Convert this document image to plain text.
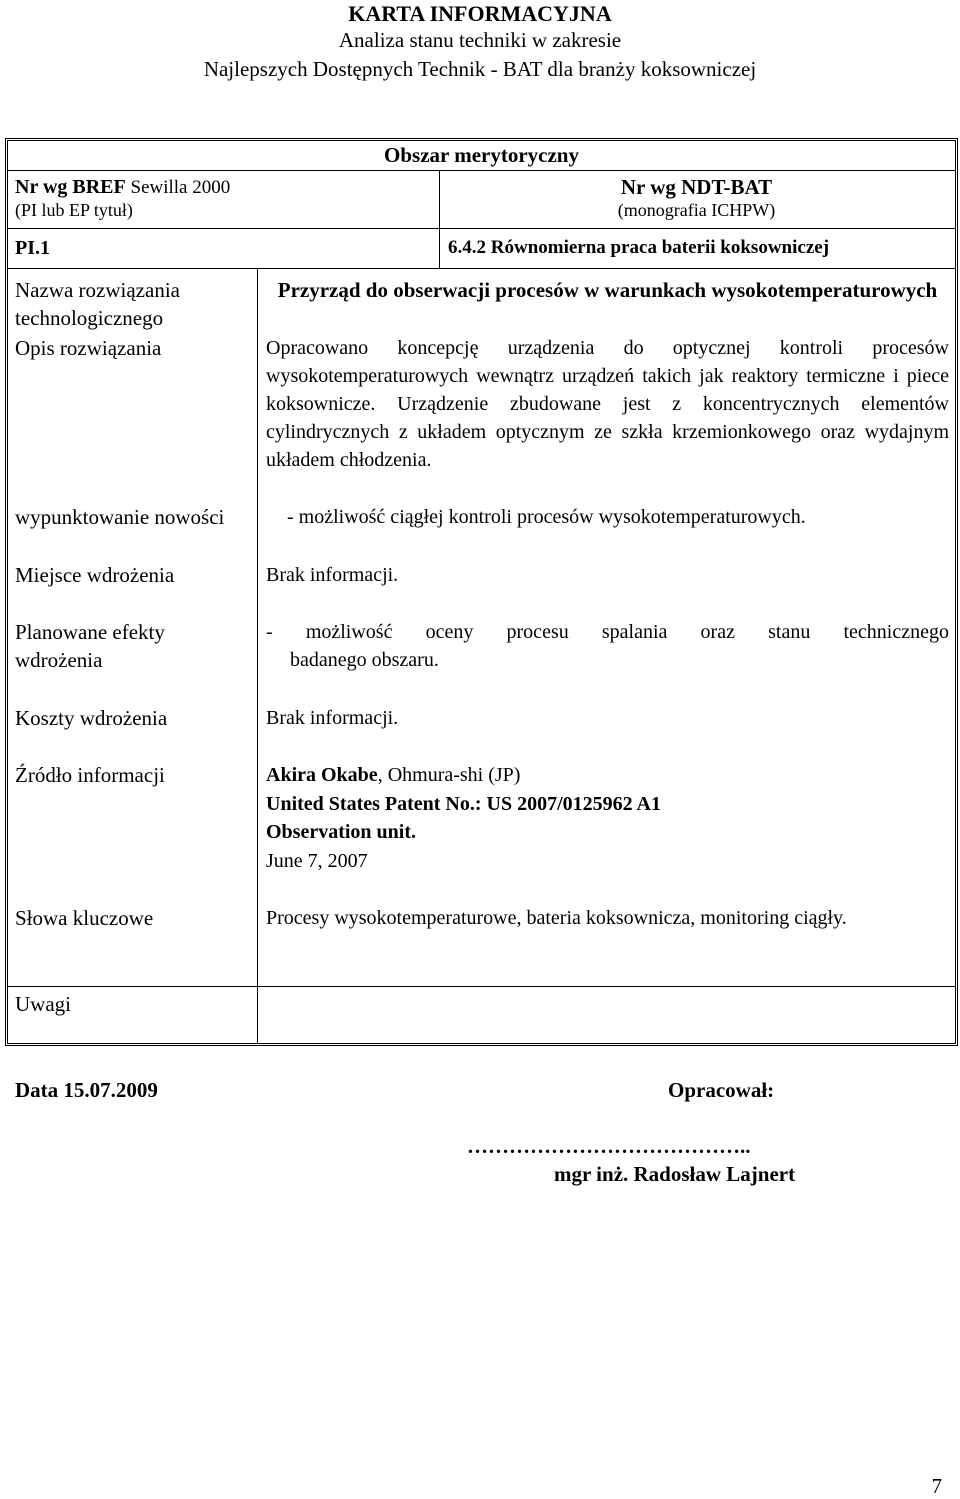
KARTA INFORMACYJNA
Analiza stanu techniki w zakresie
Najlepszych Dostępnych Technik - BAT dla branży koksowniczej
Obszar merytoryczny
Nr wg BREF Sewilla 2000
(PI lub EP tytuł)
PI.1
Nr wg NDT-BAT
(monografia ICHPW)
6.4.2 Równomierna praca baterii koksowniczej
Nazwa rozwiązania technologicznego
Opis rozwiązania
wypunktowanie nowości
Miejsce wdrożenia
Planowane efekty wdrożenia
Koszty wdrożenia
Źródło informacji
Słowa kluczowe
Uwagi
Przyrząd do obserwacji procesów w warunkach wysokotemperaturowych
Opracowano koncepcję urządzenia do optycznej kontroli procesów wysokotemperaturowych wewnątrz urządzeń takich jak reaktory termiczne i piece koksownicze. Urządzenie zbudowane jest z koncentrycznych elementów cylindrycznych z układem optycznym ze szkła krzemionkowego oraz wydajnym układem chłodzenia.
- możliwość ciągłej kontroli procesów wysokotemperaturowych.
Brak informacji.
- możliwość oceny procesu spalania oraz stanu technicznego
badanego obszaru.
Brak informacji.
Akira Okabe, Ohmura-shi (JP)
United States Patent No.: US 2007/0125962 A1
Observation unit.
June 7, 2007
Procesy wysokotemperaturowe, bateria koksownicza, monitoring ciągły.
Data 15.07.2009	Opracował:
…………………………………..
mgr inż. Radosław Lajnert
7
